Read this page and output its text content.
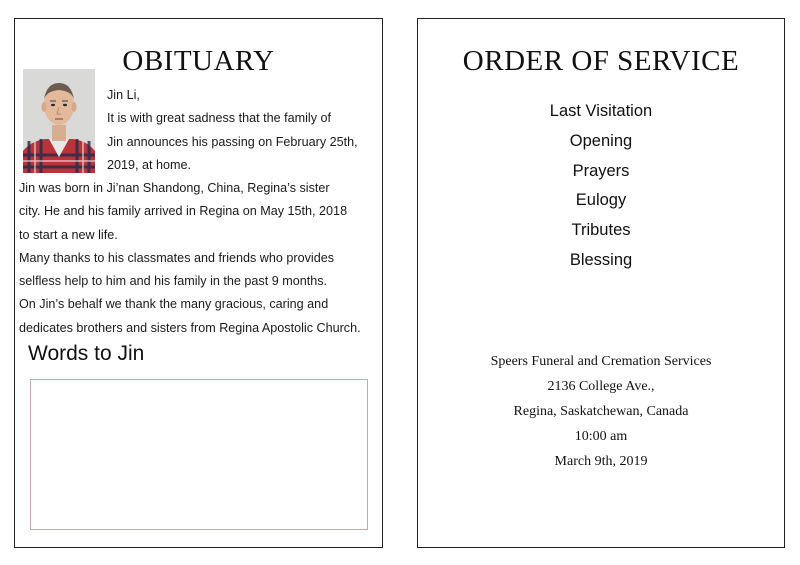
OBITUARY
Jin Li,
It is with great sadness that the family of
Jin announces his passing on February 25th,
2019, at home.
Jin was born in Ji’nan Shandong, China, Regina’s sister
city. He and his family arrived in Regina on May 15th, 2018
to start a new life.
Many thanks to his classmates and friends who provides
selfless help to him and his family in the past 9 months.
On Jin’s behalf we thank the many gracious, caring and
dedicates brothers and sisters from Regina Apostolic Church.
Words to Jin
ORDER OF SERVICE
Last Visitation
Opening
Prayers
Eulogy
Tributes
Blessing
Speers Funeral and Cremation Services
2136 College Ave.,
Regina, Saskatchewan, Canada
10:00 am
March 9th, 2019
